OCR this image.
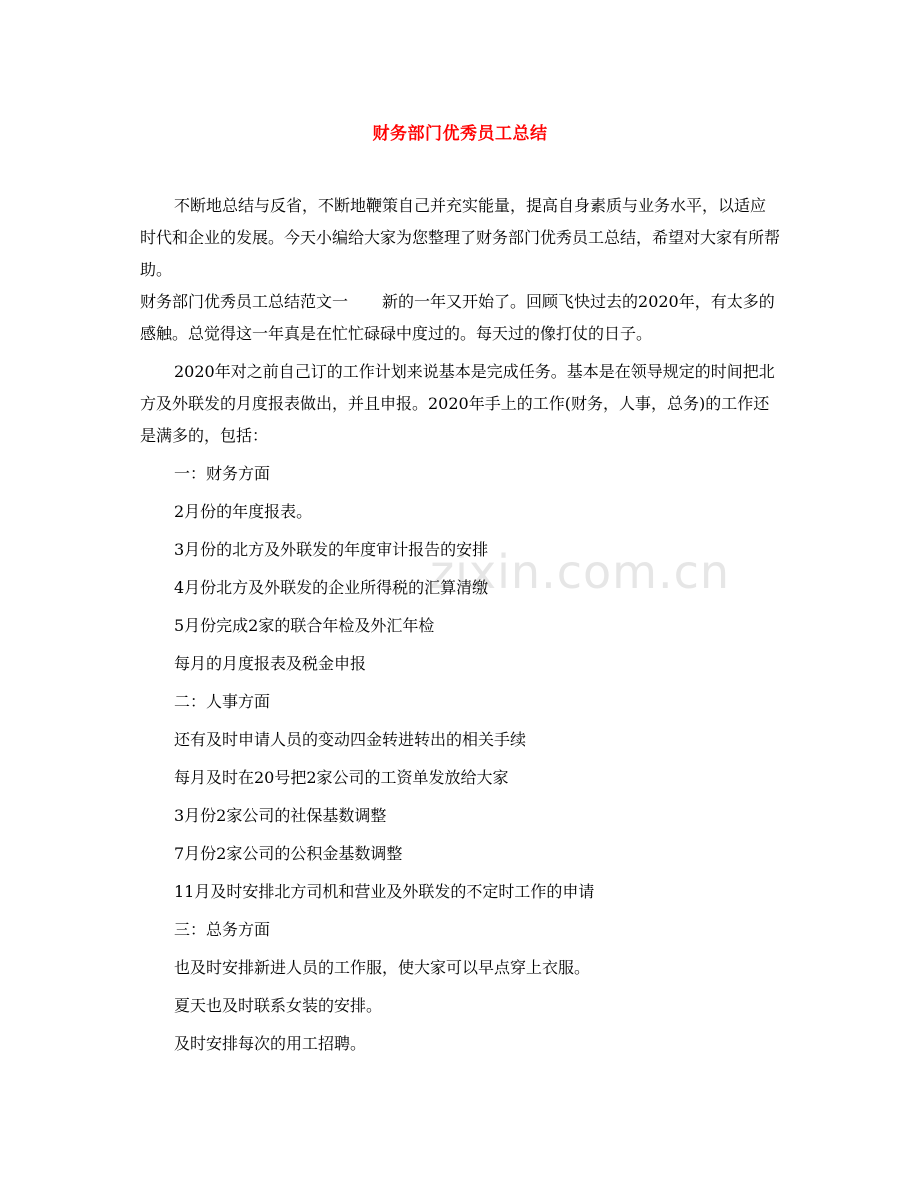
zixin.com.cn
财务部门优秀员工总结

不断地总结与反省，不断地鞭策自己并充实能量，提高自身素质与业务水平，以适应时代和企业的发展。今天小编给大家为您整理了财务部门优秀员工总结，希望对大家有所帮助。

财务部门优秀员工总结范文一 新的一年又开始了。回顾飞快过去的2020年，有太多的感触。总觉得这一年真是在忙忙碌碌中度过的。每天过的像打仗的日子。

2020年对之前自己订的工作计划来说基本是完成任务。基本是在领导规定的时间把北方及外联发的月度报表做出，并且申报。2020年手上的工作(财务，人事，总务)的工作还是满多的，包括：

一：财务方面

2月份的年度报表。

3月份的北方及外联发的年度审计报告的安排

4月份北方及外联发的企业所得税的汇算清缴

5月份完成2家的联合年检及外汇年检

每月的月度报表及税金申报

二：人事方面

还有及时申请人员的变动四金转进转出的相关手续

每月及时在20号把2家公司的工资单发放给大家

3月份2家公司的社保基数调整

7月份2家公司的公积金基数调整

11月及时安排北方司机和营业及外联发的不定时工作的申请

三：总务方面

也及时安排新进人员的工作服，使大家可以早点穿上衣服。

夏天也及时联系女装的安排。

及时安排每次的用工招聘。
